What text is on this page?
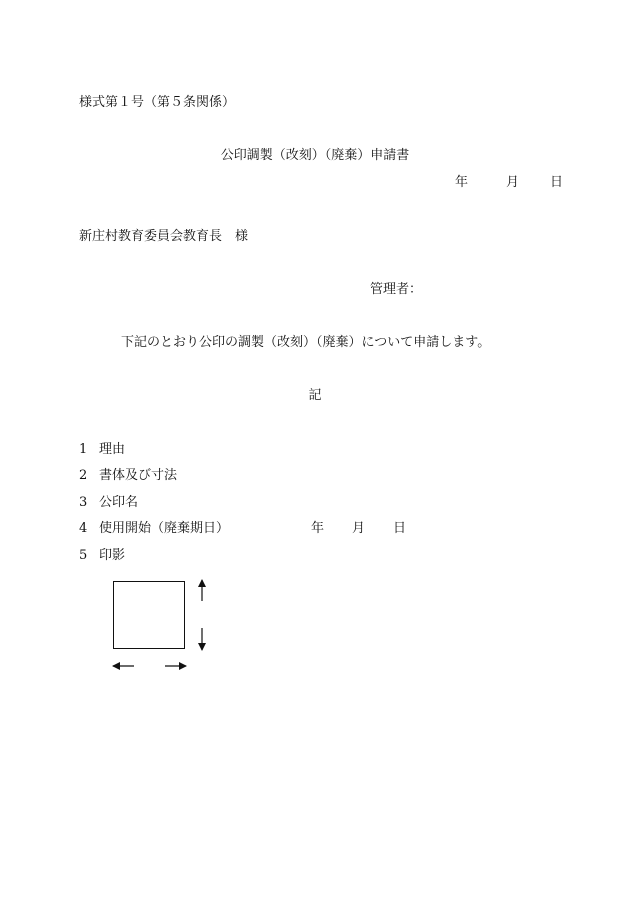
様式第１号（第５条関係）
公印調製（改刻）（廃棄）申請書
年	月 日
新庄村教育委員会教育長　様
管理者：
下記のとおり公印の調製（改刻）（廃棄）について申請します。
記
1 理由
2 書体及び寸法
3 公印名
4 使用開始（廃棄期日）	年 月 日
5 印影
